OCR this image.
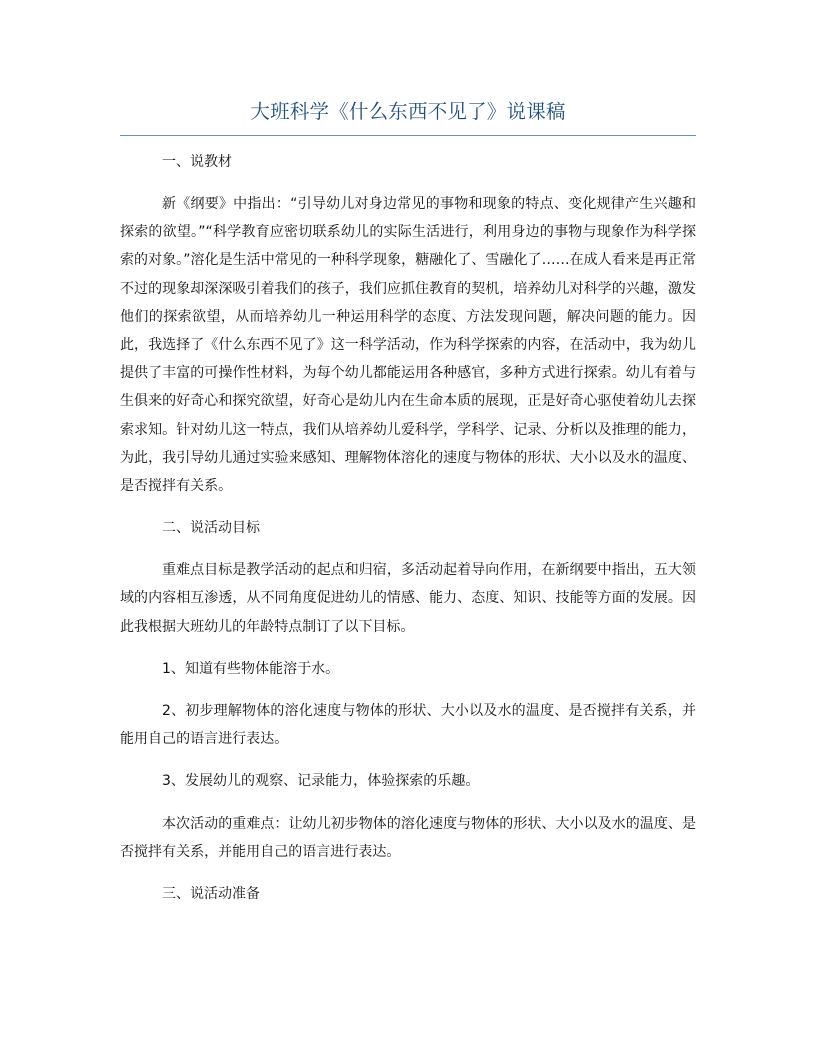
大班科学《什么东西不见了》说课稿
一、说教材
新《纲要》中指出：“引导幼儿对身边常见的事物和现象的特点、变化规律产生兴趣和探索的欲望。”“科学教育应密切联系幼儿的实际生活进行，利用身边的事物与现象作为科学探索的对象。”溶化是生活中常见的一种科学现象，糖融化了、雪融化了……在成人看来是再正常不过的现象却深深吸引着我们的孩子，我们应抓住教育的契机，培养幼儿对科学的兴趣，激发他们的探索欲望，从而培养幼儿一种运用科学的态度、方法发现问题，解决问题的能力。因此，我选择了《什么东西不见了》这一科学活动，作为科学探索的内容，在活动中，我为幼儿提供了丰富的可操作性材料，为每个幼儿都能运用各种感官，多种方式进行探索。幼儿有着与生俱来的好奇心和探究欲望，好奇心是幼儿内在生命本质的展现，正是好奇心驱使着幼儿去探索求知。针对幼儿这一特点，我们从培养幼儿爱科学，学科学、记录、分析以及推理的能力，为此，我引导幼儿通过实验来感知、理解物体溶化的速度与物体的形状、大小以及水的温度、是否搅拌有关系。
二、说活动目标
重难点目标是教学活动的起点和归宿，多活动起着导向作用，在新纲要中指出，五大领域的内容相互渗透，从不同角度促进幼儿的情感、能力、态度、知识、技能等方面的发展。因此我根据大班幼儿的年龄特点制订了以下目标。
1、知道有些物体能溶于水。
2、初步理解物体的溶化速度与物体的形状、大小以及水的温度、是否搅拌有关系，并能用自己的语言进行表达。
3、发展幼儿的观察、记录能力，体验探索的乐趣。
本次活动的重难点：让幼儿初步物体的溶化速度与物体的形状、大小以及水的温度、是否搅拌有关系，并能用自己的语言进行表达。
三、说活动准备
